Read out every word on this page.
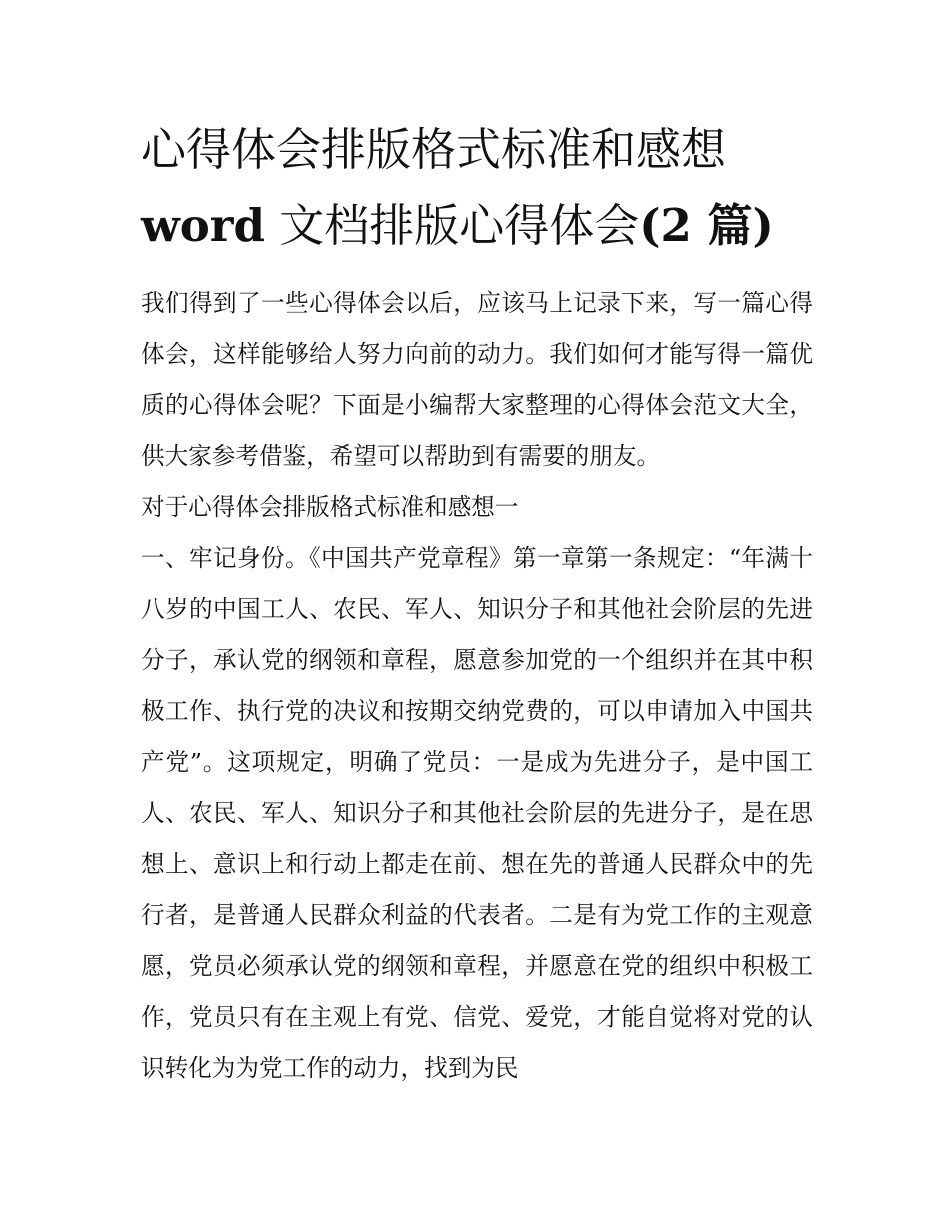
心得体会排版格式标准和感想
word 文档排版心得体会(2 篇)

我们得到了一些心得体会以后，应该马上记录下来，写一篇心得体会，这样能够给人努力向前的动力。我们如何才能写得一篇优质的心得体会呢？下面是小编帮大家整理的心得体会范文大全，供大家参考借鉴，希望可以帮助到有需要的朋友。

对于心得体会排版格式标准和感想一

一、牢记身份。《中国共产党章程》第一章第一条规定：“年满十八岁的中国工人、农民、军人、知识分子和其他社会阶层的先进分子，承认党的纲领和章程，愿意参加党的一个组织并在其中积极工作、执行党的决议和按期交纳党费的，可以申请加入中国共产党”。这项规定，明确了党员：一是成为先进分子，是中国工人、农民、军人、知识分子和其他社会阶层的先进分子，是在思想上、意识上和行动上都走在前、想在先的普通人民群众中的先行者，是普通人民群众利益的代表者。二是有为党工作的主观意愿，党员必须承认党的纲领和章程，并愿意在党的组织中积极工作，党员只有在主观上有党、信党、爱党，才能自觉将对党的认识转化为为党工作的动力，找到为民
